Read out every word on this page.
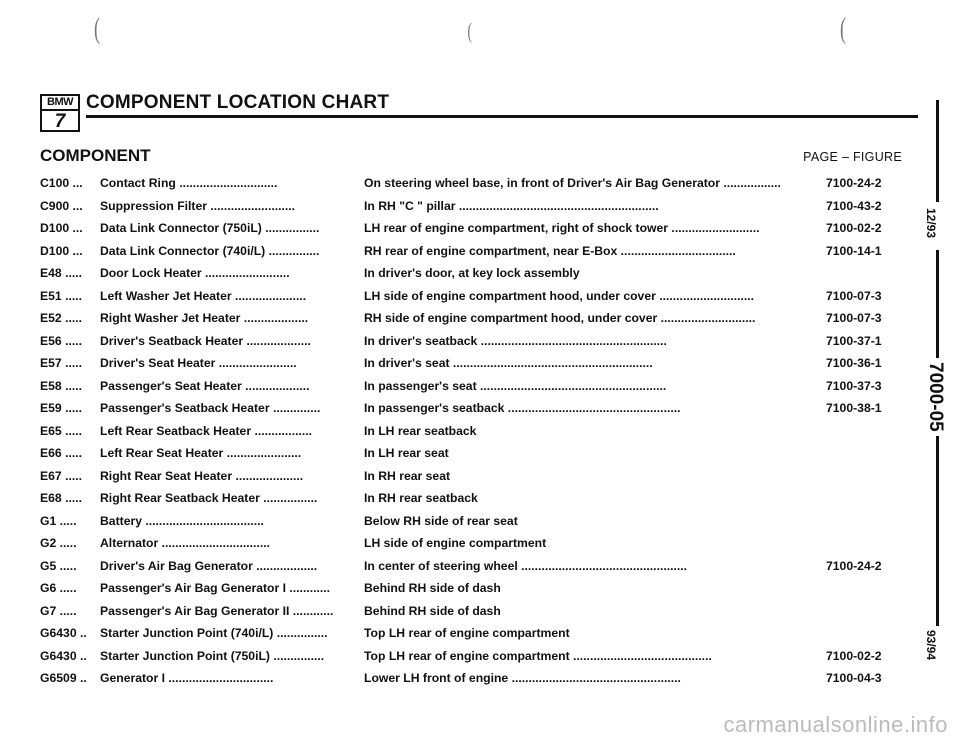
(	(	(
BMW
7
COMPONENT LOCATION CHART
COMPONENT	PAGE – FIGURE
C100 ...	Contact Ring .............................	On steering wheel base, in front of Driver's Air Bag Generator .................	7100-24-2
C900 ...	Suppression Filter .........................	In RH "C " pillar ...........................................................	7100-43-2
D100 ...	Data Link Connector (750iL) ................	LH rear of engine compartment, right of shock tower ..........................	7100-02-2
D100 ...	Data Link Connector (740i/L) ...............	RH rear of engine compartment, near E-Box ..................................	7100-14-1
E48 .....	Door Lock Heater .........................	In driver's door, at key lock assembly
E51 .....	Left Washer Jet Heater .....................	LH side of engine compartment hood, under cover ............................	7100-07-3
E52 .....	Right Washer Jet Heater ...................	RH side of engine compartment hood, under cover ............................	7100-07-3
E56 .....	Driver's Seatback Heater ...................	In driver's seatback .......................................................	7100-37-1
E57 .....	Driver's Seat Heater .......................	In driver's seat ...........................................................	7100-36-1
E58 .....	Passenger's Seat Heater ...................	In passenger's seat .......................................................	7100-37-3
E59 .....	Passenger's Seatback Heater ..............	In passenger's seatback ...................................................	7100-38-1
E65 .....	Left Rear Seatback Heater .................	In LH rear seatback
E66 .....	Left Rear Seat Heater ......................	In LH rear seat
E67 .....	Right Rear Seat Heater ....................	In RH rear seat
E68 .....	Right Rear Seatback Heater ................	In RH rear seatback
G1 .....	Battery ...................................	Below RH side of rear seat
G2 .....	Alternator ................................	LH side of engine compartment
G5 .....	Driver's Air Bag Generator ..................	In center of steering wheel .................................................	7100-24-2
G6 .....	Passenger's Air Bag Generator I ............	Behind RH side of dash
G7 .....	Passenger's Air Bag Generator II ............	Behind RH side of dash
G6430 ..	Starter Junction Point (740i/L) ...............	Top LH rear of engine compartment
G6430 ..	Starter Junction Point (750iL) ...............	Top LH rear of engine compartment .........................................	7100-02-2
G6509 ..	Generator I ...............................	Lower LH front of engine ..................................................	7100-04-3
12/93
7000-05
93/94
carmanualsonline.info
